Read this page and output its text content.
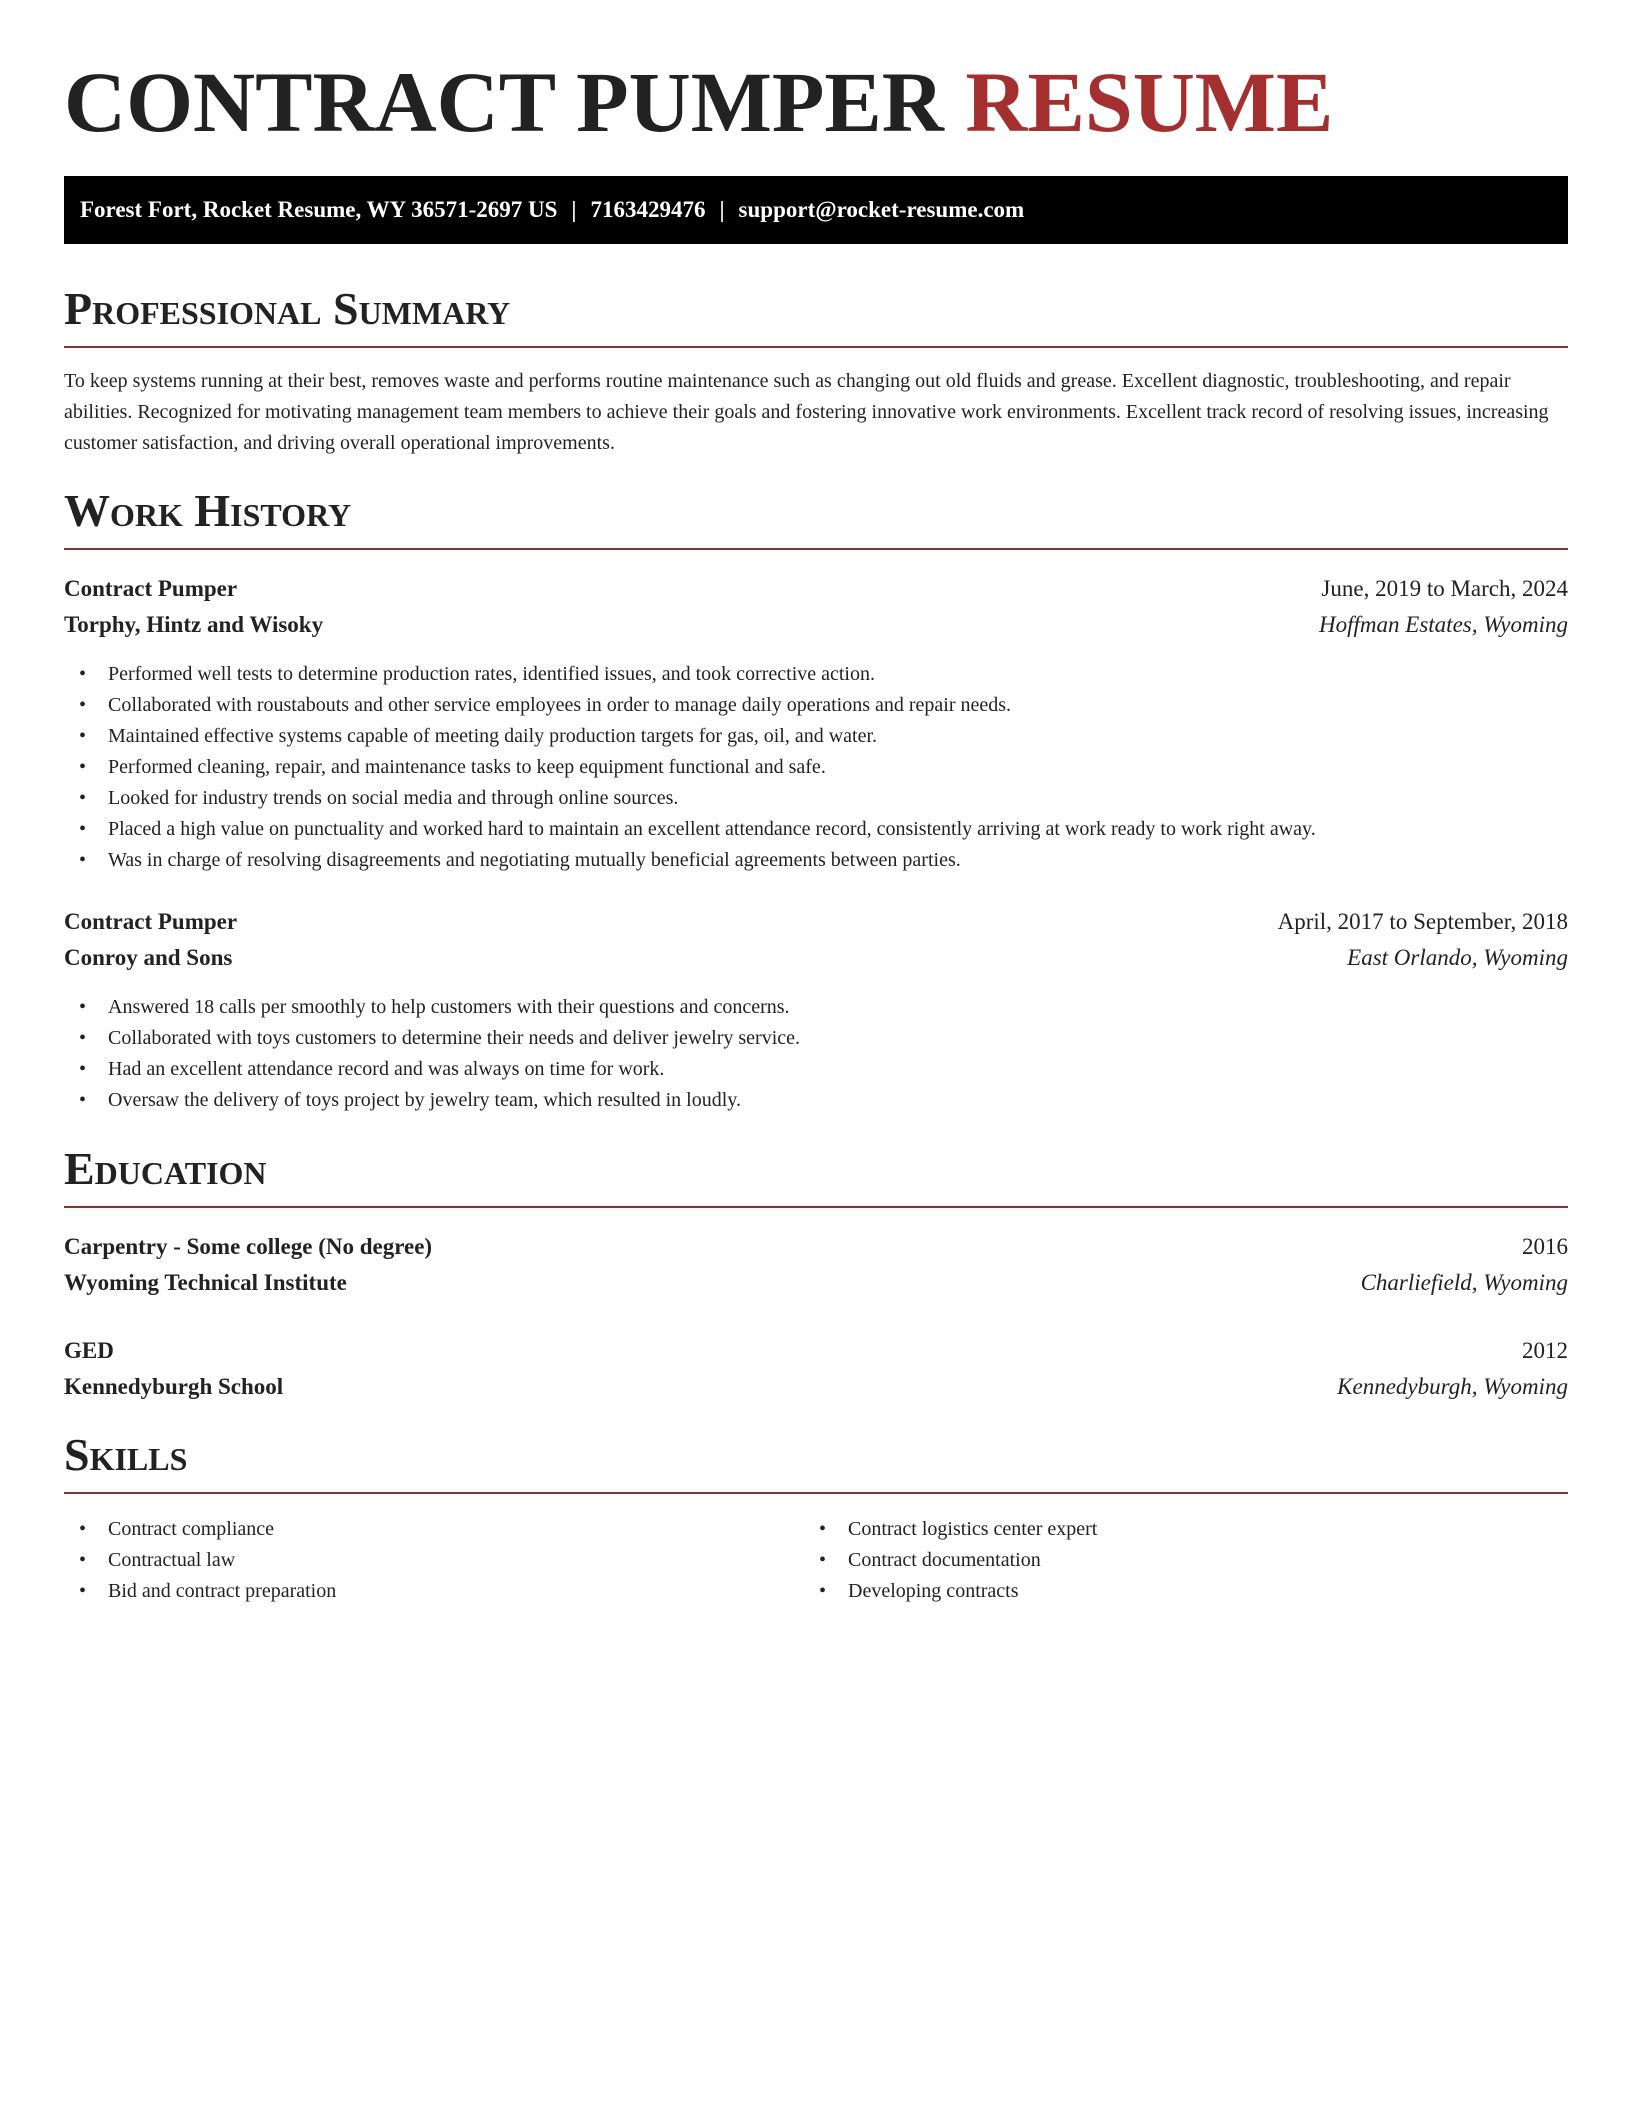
CONTRACT PUMPER RESUME
Forest Fort, Rocket Resume, WY 36571-2697 US | 7163429476 | support@rocket-resume.com
Professional Summary

To keep systems running at their best, removes waste and performs routine maintenance such as changing out old fluids and grease. Excellent diagnostic, troubleshooting, and repair abilities. Recognized for motivating management team members to achieve their goals and fostering innovative work environments. Excellent track record of resolving issues, increasing customer satisfaction, and driving overall operational improvements.

Work History
Contract Pumper	June, 2019 to March, 2024
Torphy, Hintz and Wisoky	Hoffman Estates, Wyoming
• Performed well tests to determine production rates, identified issues, and took corrective action.
• Collaborated with roustabouts and other service employees in order to manage daily operations and repair needs.
• Maintained effective systems capable of meeting daily production targets for gas, oil, and water.
• Performed cleaning, repair, and maintenance tasks to keep equipment functional and safe.
• Looked for industry trends on social media and through online sources.
• Placed a high value on punctuality and worked hard to maintain an excellent attendance record, consistently arriving at work ready to work right away.
• Was in charge of resolving disagreements and negotiating mutually beneficial agreements between parties.
Contract Pumper	April, 2017 to September, 2018
Conroy and Sons	East Orlando, Wyoming
• Answered 18 calls per smoothly to help customers with their questions and concerns.
• Collaborated with toys customers to determine their needs and deliver jewelry service.
• Had an excellent attendance record and was always on time for work.
• Oversaw the delivery of toys project by jewelry team, which resulted in loudly.
Education
Carpentry - Some college (No degree)	2016
Wyoming Technical Institute	Charliefield, Wyoming
GED	2012
Kennedyburgh School	Kennedyburgh, Wyoming
Skills
• Contract compliance
• Contractual law
• Bid and contract preparation
• Contract logistics center expert
• Contract documentation
• Developing contracts
